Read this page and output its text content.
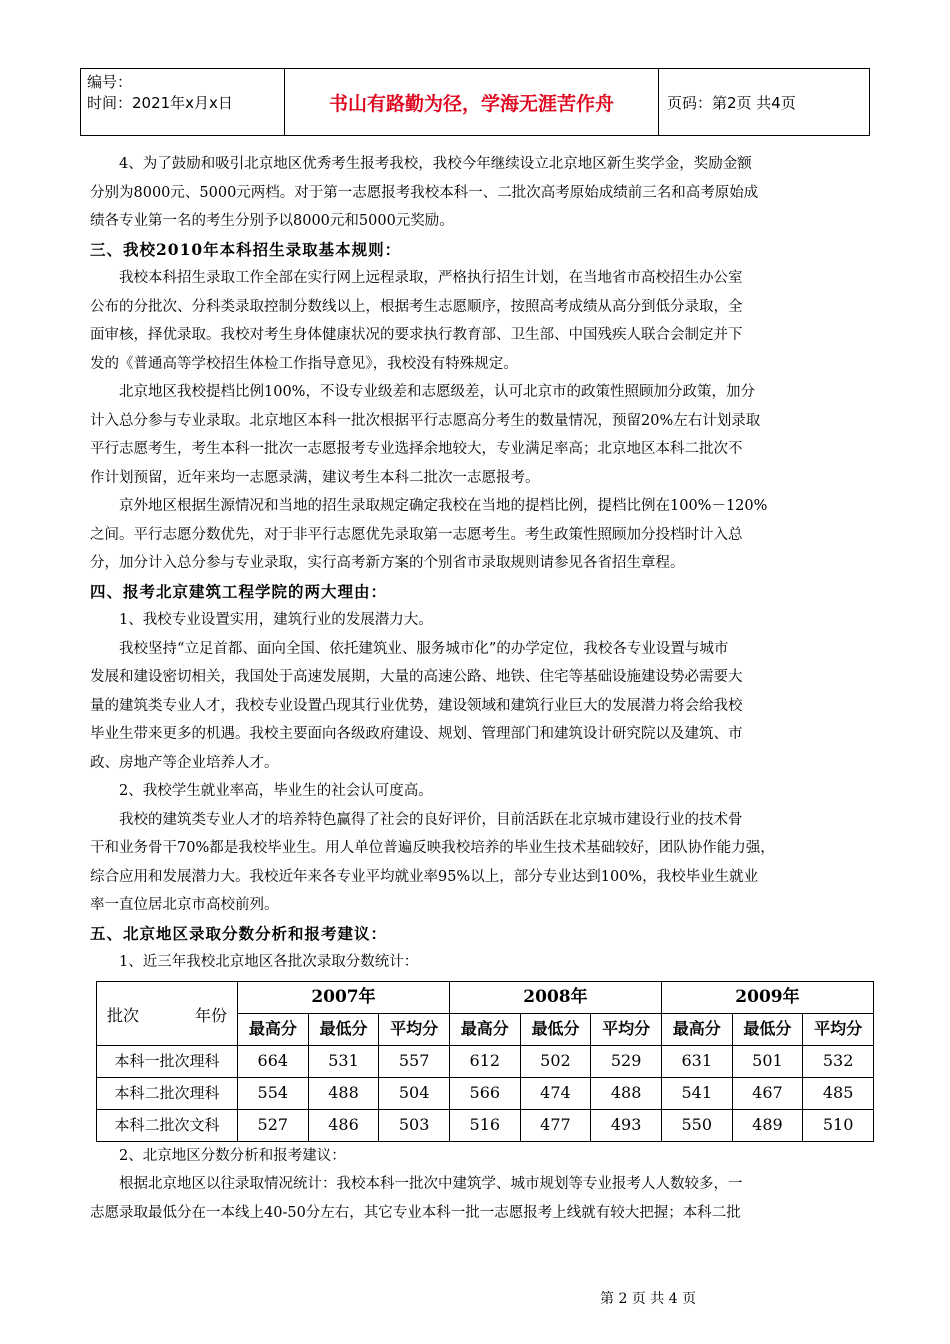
编号：
时间：2021年x月x日	书山有路勤为径，学海无涯苦作舟	页码：第2页 共4页

4、为了鼓励和吸引北京地区优秀考生报考我校，我校今年继续设立北京地区新生奖学金，奖励金额

分别为8000元、5000元两档。对于第一志愿报考我校本科一、二批次高考原始成绩前三名和高考原始成
绩各专业第一名的考生分别予以8000元和5000元奖励。

三、我校2010年本科招生录取基本规则：

我校本科招生录取工作全部在实行网上远程录取，严格执行招生计划，在当地省市高校招生办公室
公布的分批次、分科类录取控制分数线以上，根据考生志愿顺序，按照高考成绩从高分到低分录取，全
面审核，择优录取。我校对考生身体健康状况的要求执行教育部、卫生部、中国残疾人联合会制定并下
发的《普通高等学校招生体检工作指导意见》，我校没有特殊规定。
北京地区我校提档比例100%，不设专业级差和志愿级差，认可北京市的政策性照顾加分政策，加分
计入总分参与专业录取。北京地区本科一批次根据平行志愿高分考生的数量情况，预留20%左右计划录取
平行志愿考生，考生本科一批次一志愿报考专业选择余地较大，专业满足率高；北京地区本科二批次不
作计划预留，近年来均一志愿录满，建议考生本科二批次一志愿报考。
京外地区根据生源情况和当地的招生录取规定确定我校在当地的提档比例，提档比例在100%－120%
之间。平行志愿分数优先，对于非平行志愿优先录取第一志愿考生。考生政策性照顾加分投档时计入总
分，加分计入总分参与专业录取，实行高考新方案的个别省市录取规则请参见各省招生章程。

四、报考北京建筑工程学院的两大理由：

1、我校专业设置实用，建筑行业的发展潜力大。
我校坚持“立足首都、面向全国、依托建筑业、服务城市化”的办学定位，我校各专业设置与城市
发展和建设密切相关，我国处于高速发展期，大量的高速公路、地铁、住宅等基础设施建设势必需要大
量的建筑类专业人才，我校专业设置凸现其行业优势，建设领域和建筑行业巨大的发展潜力将会给我校
毕业生带来更多的机遇。我校主要面向各级政府建设、规划、管理部门和建筑设计研究院以及建筑、市
政、房地产等企业培养人才。
2、我校学生就业率高，毕业生的社会认可度高。
我校的建筑类专业人才的培养特色赢得了社会的良好评价，目前活跃在北京城市建设行业的技术骨
干和业务骨干70%都是我校毕业生。用人单位普遍反映我校培养的毕业生技术基础较好，团队协作能力强，
综合应用和发展潜力大。我校近年来各专业平均就业率95%以上，部分专业达到100%，我校毕业生就业
率一直位居北京市高校前列。

五、北京地区录取分数分析和报考建议：

1、近三年我校北京地区各批次录取分数统计：
批次 年份	2007年			2008年			2009年		
	最高分	最低分	平均分	最高分	最低分	平均分	最高分	最低分	平均分
本科一批次理科	664	531	557	612	502	529	631	501	532
本科二批次理科	554	488	504	566	474	488	541	467	485
本科二批次文科	527	486	503	516	477	493	550	489	510
2、北京地区分数分析和报考建议：
根据北京地区以往录取情况统计：我校本科一批次中建筑学、城市规划等专业报考人人数较多，一
志愿录取最低分在一本线上40-50分左右，其它专业本科一批一志愿报考上线就有较大把握；本科二批
第 2 页 共 4 页
